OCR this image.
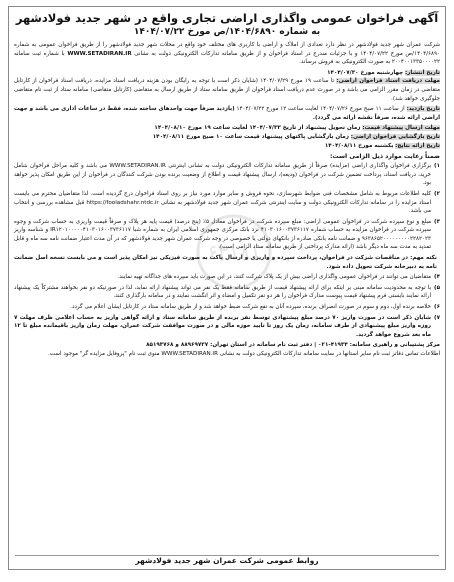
۶۳۱۸۱
آگهی فراخوان عمومی واگذاری اراضی تجاری واقع در شهر جدید فولادشهر
به شماره ۱۴۰۴/۶۸۹۰/ص مورخ ۱۴۰۴/۰۷/۲۲

شرکت عمران شهر جدید فولادشهر در نظر دارد تعدادی از املاک و اراضی با کاربری های مختلف خود واقع در محلات شهر جدید فولادشهر را از طریق فراخوان عمومی به شماره ۱۴۰۴/۶۸۹۰/ص مورخ ۱۴۰۴/۰۷/۲۲ و با جزئیات مندرج در اسناد فراخوان و از طریق سامانه تدارکات الکترونیکی دولت به نشانی WWW.SETADIRAN.IR با شماره ثبت سامانه ۲۰۰۴۰۰۱۳۳۵۰۰۰۰۲۲ به صورت الکترونیکی به فروش برساند.

تاریخ انتشار: چهارشنبه مورخ ۱۴۰۴/۰۷/۳۰

مهلت دریافت اسناد فراخوان اراضی: تا ساعت ۱۹ مورخ ۱۴۰۴/۰۷/۲۹ (شایان ذکر است با توجه به رایگان بودن هزینه دریافت اسناد مزایده، دریافت اسناد فراخوان از کارتابل متقاضی در زمان مقرر الزامی می باشد و در صورت عدم دریافت اسناد فراخوان از طریق سامانه ستاد از طریق ارسال به متقاضی (کارتابل متقاضی) سامانه ستاد از ثبت نام متقاضی جلوگیری خواهد شد).

تاریخ بازدید: از ساعت ۱۱ صبح مورخ ۱۴۰۴/۰۷/۲۶ لغایت ساعت ۱۲ مورخ ۱۴۰۴/۰۷/۲۲ (بازدید صرفاً جهت واحدهای ساخته شده، فقط در ساعات اداری می باشد و جهت اراضی ارائه شده، صرفاً نقشه ارائه می گردد).

مهلت ارسال پیشنهاد قیمت: زمان تحویل پیشنهاد از تاریخ ۱۴۰۴/۰۷/۳۳ لغایت ساعت ۱۹ مورخ ۱۴۰۴/۰۸/۱۰

تاریخ بازگشایی فراخوان اراضی: زمان بازگشایی پاکتهای پیشنهاد قیمت ساعت ۱۰ صبح مورخ ۱۴۰۴/۰۸/۱۱

تاریخ ارائه نتایج: یکشنبه مورخ ۱۴۰۴/۰۸/۱۱

ضمناً رعایت موارد ذیل الزامی است:
۱)
برگزاری فراخوان واگذاری اراضی (مزایده) صرفاً از طریق سامانه تدارکات الکترونیکی دولت به نشانی اینترنتی WWW.SETADIRAN.IR می باشد و کلیه مراحل فراخوان شامل خرید، دریافت اسناد، پرداخت تضمین شرکت در فراخوان (ودیعه)، ارسال پیشنهاد قیمت و اطلاع از وضعیت برنده بودن شرکت کنندگان در فراخوان از این طریق امکان پذیر خواهد بود.
۲)
کلیه اطلاعات مربوط به شامل مشخصات فنی ضوابط شهرسازی، نحوه فروش و سایر موارد مورد نیاز بر روی اسناد فراخوان درج گردیده است. لذا متقاضیان محترم می بایست اسناد مزایده را در سامانه تدارکات الکترونیکی دولت و سایت اینترنتی شرکت عمران شهر جدید فولادشهر به نشانی https://fooladshahr.ntdc.ir قبل مشاهده بررسی و انتخاب می باشد.
۳)
مبلغ و نوع سپرده شرکت در فراخوان عمومی اراضی: مبلغ سپرده شرکت در فراخوان معادل ۵٪ (پنج درصد) قیمت پایه هر پلاک و صرفاً قیمت واریزی به حساب شرکت و وجوه سپرده شرکت در فراخوان مزایده به حساب شماره ۴۱۰۳۰۱۶۰۰۳۷۳۶۱۱۷ نزد بانک مرکزی جمهوری اسلامی ایران به شماره شبا IR۱۲۰۱۰۰۰۰۰۴۱۰۳۰۱۶۰۰۳۷۳۶۱۱۷ و شناسه واریز ۹۶۳۸۶۵۲۰۰۰۰۰۰۰۰۰۲۲۸۲۰۲۳ و ضمانت نامه بانکی صادره از بانکهای دولتی یا خصوصی در وجه شرکت عمران شهر جدید فولادشهر که در آن مدت اعتبار ضمانت نامه سه ماه و قابل تمدید به مدت سه ماه دیگر باشد (ارائه مدارک پرداختی از طریق سامانه ستاد الزامی است).
نکته مهم: در مناقصات شرکت در فراخوان، پرداخت سپرده و واریزی و ارسال پاکت به صورت فیزیکی نیز امکان پذیر است و می بایست نسخه اصل ضمانت نامه به دبیرخانه شرکت تحویل داده شود.
۴)
متقاضیان می توانند در فراخوان عمومی واگذاری اراضی بیش از یک پلاک شرکت کنند، در این صورت باید سپرده های جداگانه تهیه نمایند.
۵)
با توجه به محدودیت سامانه مبنی بر اینکه برای ارائه پیشنهاد قیمت از طریق سامانه فقط یک نفر می تواند پیشنهاد ارائه نماید، لذا در صورتیکه دو نفر بخواهند مشترکاً یک پیشنهاد ارائه نمایند بایستی فرم پیشنهاد قیمت پیوست مدارک فراخوان را هر دو نفر تکمیل و امضاء و اثر انگشت نمایند و در سامانه بارگذاری کنند.
۶)
خلاصه برنده اول، دوم و سوم در صورت انصراف برنده، سپرده آنان به نفع شرکت ضبط خواهد شد و از طریق سامانه ستاد در کارتابل ایشان اعلام می گردد.
۷)
شایان ذکر است در صورت واریز ۷۰ درصد مبلغ پیشنهادی توسط نفر برنده از طریق سامانه ستاد و ارائه گواهی واریز به حساب اعلامی ظرف مهلت ۷ روزه واریز مبلغ پیشنهادی از طرف سامانه، زمان یک روز تا تایید حوزه مالی و در صورت موافقت شرکت عمران، مهلت زمان واریز باقیمانده مبلغ تا ۱۲ ماه بعد شروع خواهد گردید.

مرکز پشتیبانی و راهبری سامانه: ۴۱۹۳۴-۰۲۱ | دفتر ثبت نام سامانه در استان تهران: ۸۸۹۶۹۷۳۷ و ۸۵۱۹۳۷۶۸

اطلاعات تماس دفاتر ثبت نام سایر استانها در سایت سامانه تدارکات الکترونیکی دولت به نشانی WWW.SETADIRAN.IR منوی ثبت نام "پروفایل مزایده گر" موجود است.

روابط عمومی شرکت عمران شهر جدید فولادشهر
